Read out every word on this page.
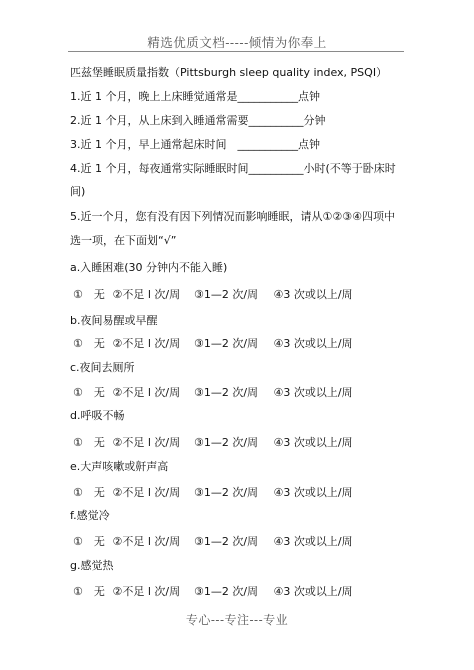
精选优质文档-----倾情为你奉上
匹兹堡睡眠质量指数（Pittsburgh sleep quality index, PSQI）
1.近 1 个月，晚上上床睡觉通常是___________点钟
2.近 1 个月，从上床到入睡通常需要__________分钟
3.近 1 个月，早上通常起床时间　___________点钟
4.近 1 个月，每夜通常实际睡眠时间__________小时(不等于卧床时
间)
5.近一个月，您有没有因下列情况而影响睡眠，请从①②③④四项中
选一项，在下面划“√”
a.入睡困难(30 分钟内不能入睡)
①　无 ②不足 l 次/周 ③1—2 次/周 ④3 次或以上/周
b.夜间易醒或早醒
①　无 ②不足 l 次/周 ③1—2 次/周 ④3 次或以上/周
c.夜间去厕所
①　无 ②不足 l 次/周 ③1—2 次/周 ④3 次或以上/周
d.呼吸不畅
①　无 ②不足 l 次/周 ③1—2 次/周 ④3 次或以上/周
e.大声咳嗽或鼾声高
①　无 ②不足 l 次/周 ③1—2 次/周 ④3 次或以上/周
f.感觉冷
①　无 ②不足 l 次/周 ③1—2 次/周 ④3 次或以上/周
g.感觉热
①　无 ②不足 l 次/周 ③1—2 次/周 ④3 次或以上/周
专心---专注---专业
